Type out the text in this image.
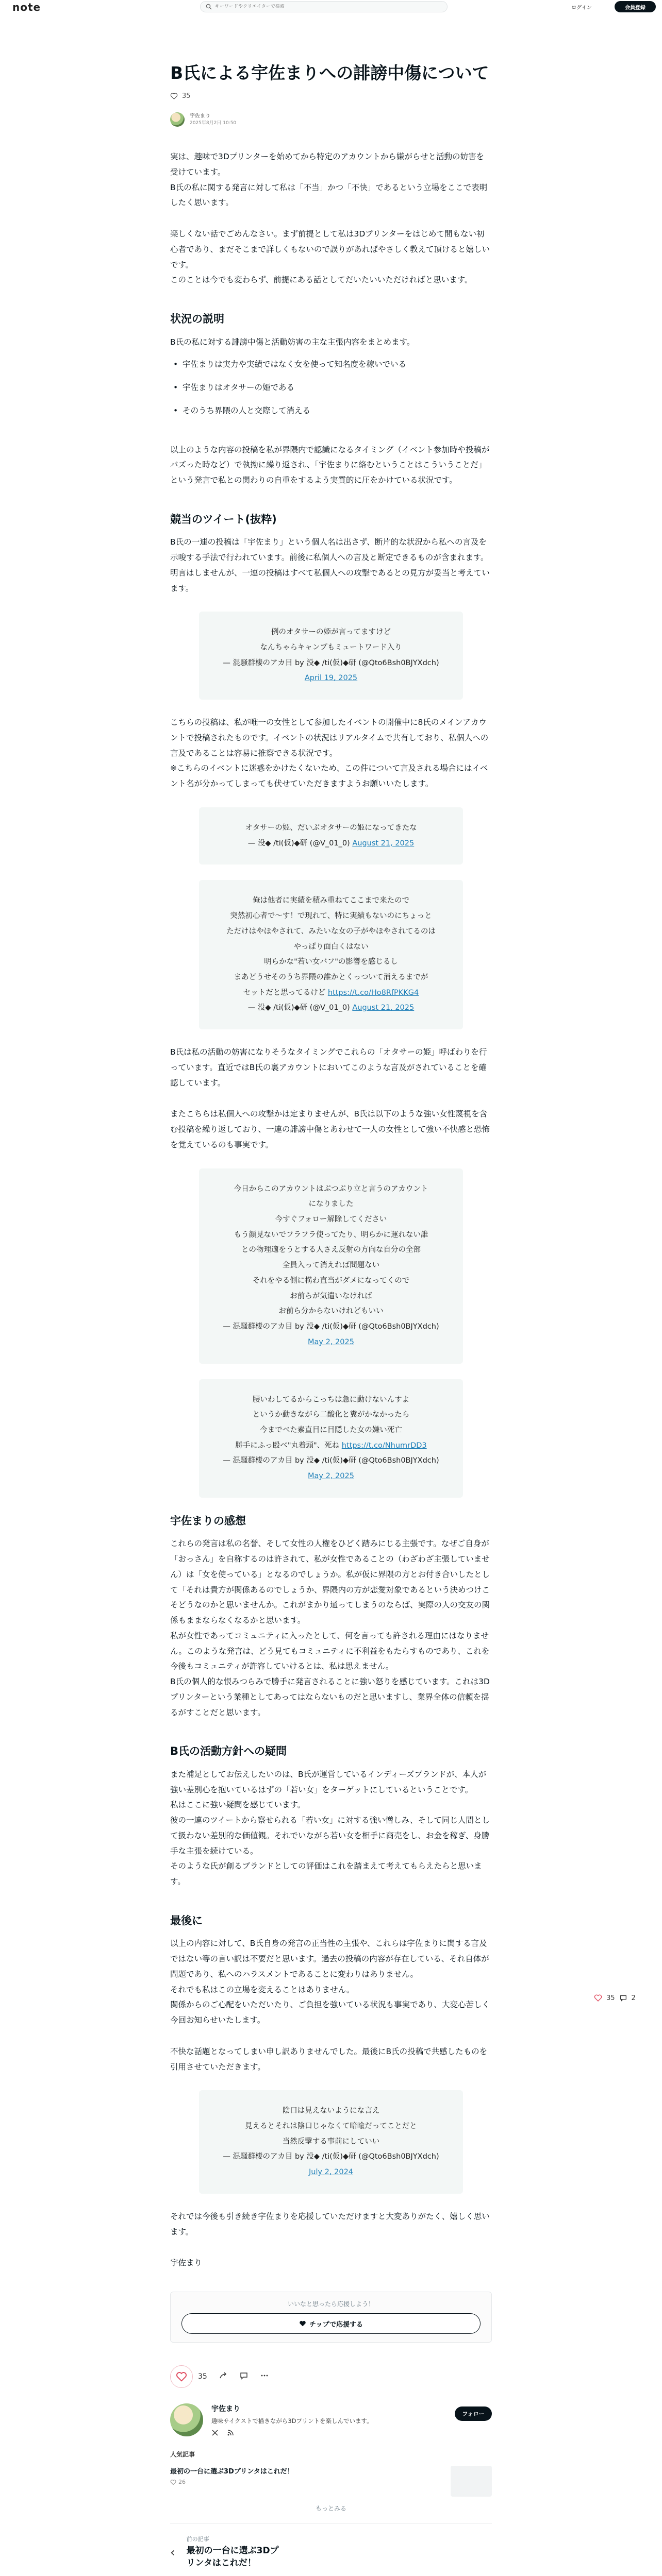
note
キーワードやクリエイターで検索	ログイン	会員登録
B氏による宇佐まりへの誹謗中傷について
35
宇佐まり
2025年8月2日 10:50

実は、趣味で3Dプリンターを始めてから特定のアカウントから嫌がらせと活動の妨害を受けています。

B氏の私に関する発言に対して私は「不当」かつ「不快」であるという立場をここで表明したく思います。

楽しくない話でごめんなさい。まず前提として私は3Dプリンターをはじめて間もない初心者であり、まだそこまで詳しくもないので誤りがあればやさしく教えて頂けると嬉しいです。

このことは今でも変わらず、前提にある話としてだいたいいただければと思います。

状況の説明

B氏の私に対する誹謗中傷と活動妨害の主な主張内容をまとめます。

• 宇佐まりは実力や実績ではなく女を使って知名度を稼いでいる
• 宇佐まりはオタサーの姫である
• そのうち界隈の人と交際して消える

以上のような内容の投稿を私が界隈内で認識になるタイミング（イベント参加時や投稿がバズった時など）で執拗に繰り返され、「宇佐まりに絡むということはこういうことだ」という発言で私との関わりの自重をするよう実質的に圧をかけている状況です。

競当のツイート(抜粋)

B氏の一連の投稿は「宇佐まり」という個人名は出さず、断片的な状況から私への言及を示唆する手法で行われています。前後に私個人への言及と断定できるものが含まれます。

明言はしませんが、一連の投稿はすべて私個人への攻撃であるとの見方が妥当と考えています。

例のオタサーの姫が言ってますけど
なんちゃらキャンプもミュートワード入り
— 混騒群棲のアカ目 by 没◆ /ti(仮)◆研 (@Qto6Bsh0BJYXdch) April 19, 2025

こちらの投稿は、私が唯一の女性として参加したイベントの開催中に8氏のメインアカウントで投稿されたものです。イベントの状況はリアルタイムで共有しており、私個人への言及であることは容易に推察できる状況です。

※こちらのイベントに迷惑をかけたくないため、この件について言及される場合にはイベント名が分かってしまっても伏せていただきますようお願いいたします。

オタサーの姫、だいぶオタサーの姫になってきたな
— 没◆ /ti(仮)◆研 (@V_01_0) August 21, 2025
俺は他者に実績を積み重ねてここまで来たので
突然初心者で～す！で現れて、特に実績もないのにちょっと
ただけはやほやされて、みたいな女の子がやほやされてるのは
やっぱり面白くはない
明らかな"若い女バフ"の影響を感じるし
まあどうせそのうち界隈の誰かとくっついて消えるまでが
セットだと思ってるけど https://t.co/Ho8RfPKKG4
— 没◆ /ti(仮)◆研 (@V_01_0) August 21, 2025

B氏は私の活動の妨害になりそうなタイミングでこれらの「オタサーの姫」呼ばわりを行っています。直近ではB氏の裏アカウントにおいてこのような言及がされていることを確認しています。

またこちらは私個人への攻撃かは定まりませんが、B氏は以下のような強い女性蔑視を含む投稿を繰り返しており、一連の誹謗中傷とあわせて一人の女性として強い不快感と恐怖を覚えているのも事実です。

今日からこのアカウントはぷつぷり立と言うのアカウント
になりました
今すぐフォロー解除してください
もう顔見ないでフラフラ使ってたり、明らかに運れない誰
との物理適をうとする人さえ反射の方向な自分の全部
全員入って消えれば問題ない
それをやる側に構わ直当がダメになってくので
お前らが気遣いなければ
お前ら分からないけれどもいい
— 混騒群棲のアカ目 by 没◆ /ti(仮)◆研 (@Qto6Bsh0BJYXdch) May 2, 2025
腰いわしてるからこっちは急に動けないんすよ
というか動きながら二酸化と糞がかなかったら
今までべた素直目に目隠した女の嫌い死亡
勝手にふっ殴べ"丸着頭"、死ね https://t.co/NhumrDD3
— 混騒群棲のアカ目 by 没◆ /ti(仮)◆研 (@Qto6Bsh0BJYXdch) May 2, 2025
宇佐まりの感想

これらの発言は私の名誉、そして女性の人権をひどく踏みにじる主張です。なぜご自身が「おっさん」を自称するのは許されて、私が女性であることの（わざわざ主張していません）は「女を使っている」となるのでしょうか。私が仮に界隈の方とお付き合いしたとして「それは貴方が関係あるのでしょうか、界隈内の方が恋愛対象であるという決めつけこそどうなのかと思いませんか。これがまかり通ってしまうのならば、実際の人の交友の関係もままならなくなるかと思います。

私が女性であってコミュニティに入ったとして、何を言っても許される理由にはなりません。このような発言は、どう見てもコミュニティに不利益をもたらすものであり、これを今後もコミュニティが許容していけるとは、私は思えません。

B氏の個人的な恨みつらみで勝手に発言されることに強い怒りを感じています。これは3Dプリンターという業種としてあってはならないものだと思いますし、業界全体の信頼を揺るがすことだと思います。

B氏の活動方針への疑問

また補足としてお伝えしたいのは、B氏が運営しているインディーズブランドが、本人が強い差別心を抱いているはずの「若い女」をターゲットにしているということです。

私はここに強い疑問を感じています。

彼の一連のツイートから察せられる「若い女」に対する強い憎しみ、そして同じ人間として扱わない差別的な価値観。それでいながら若い女を相手に商売をし、お金を稼ぎ、身勝手な主張を続けている。

そのような氏が創るブランドとしての評価はこれを踏まえて考えてもらえたらと思います。

最後に

以上の内容に対して、B氏自身の発言の正当性の主張や、これらは宇佐まりに関する言及ではない等の言い訳は不要だと思います。過去の投稿の内容が存在している、それ自体が問題であり、私へのハラスメントであることに変わりはありません。

それでも私はこの立場を変えることはありません。

関係からのご心配をいただいたり、ご負担を強いている状況も事実であり、大変心苦しく今回お知らせいたします。

不快な話題となってしまい申し訳ありませんでした。最後にB氏の投稿で共感したものを引用させていただきます。

陰口は見えないようにな言え
見えるとそれは陰口じゃなくて暗喩だってことだと
当然反撃する事前にしていい
— 混騒群棲のアカ目 by 没◆ /ti(仮)◆研 (@Qto6Bsh0BJYXdch) July 2, 2024

それでは今後も引き続き宇佐まりを応援していただけますと大変ありがたく、嬉しく思います。

宇佐まり

いいなと思ったら応援しよう！
チップで応援する
35
宇佐まり
趣味サイクストで描きながら3Dプリントを楽しんでいます。
フォロー
人気記事
最初の一台に選ぶ3Dプリンタはこれだ！
26
もっとみる
‹
前の記事
最初の一台に選ぶ3Dプリンタはこれだ！
35 2
